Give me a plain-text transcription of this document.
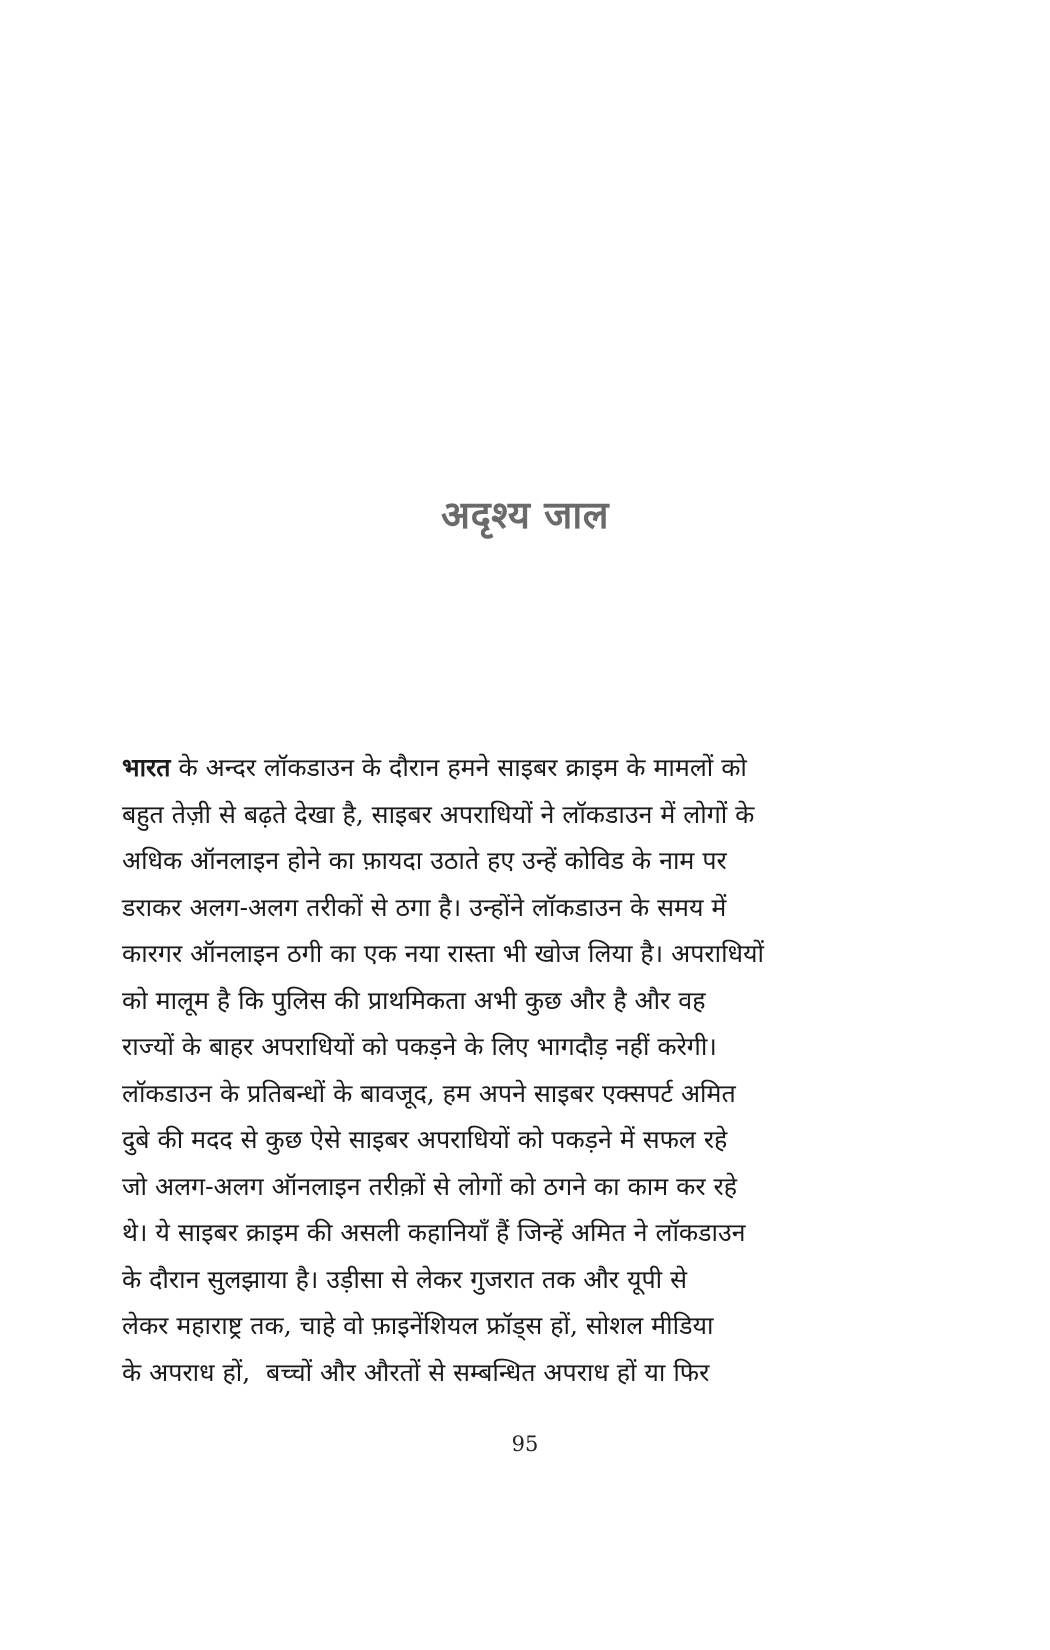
अदृश्य जाल
भारत के अन्दर लॉकडाउन के दौरान हमने साइबर क्राइम के मामलों को
बहुत तेज़ी से बढ़ते देखा है, साइबर अपराधियों ने लॉकडाउन में लोगों के
अधिक ऑनलाइन होने का फ़ायदा उठाते हए उन्हें कोविड के नाम पर
डराकर अलग-अलग तरीकों से ठगा है। उन्होंने लॉकडाउन के समय में
कारगर ऑनलाइन ठगी का एक नया रास्ता भी खोज लिया है। अपराधियों
को मालूम है कि पुलिस की प्राथमिकता अभी कुछ और है और वह
राज्यों के बाहर अपराधियों को पकड़ने के लिए भागदौड़ नहीं करेगी।
लॉकडाउन के प्रतिबन्धों के बावजूद, हम अपने साइबर एक्सपर्ट अमित
दुबे की मदद से कुछ ऐसे साइबर अपराधियों को पकड़ने में सफल रहे
जो अलग-अलग ऑनलाइन तरीक़ों से लोगों को ठगने का काम कर रहे
थे। ये साइबर क्राइम की असली कहानियाँ हैं जिन्हें अमित ने लॉकडाउन
के दौरान सुलझाया है। उड़ीसा से लेकर गुजरात तक और यूपी से
लेकर महाराष्ट्र तक, चाहे वो फ़ाइनेंशियल फ्रॉड्स हों, सोशल मीडिया
के अपराध हों,  बच्चों और औरतों से सम्बन्धित अपराध हों या फिर
95
